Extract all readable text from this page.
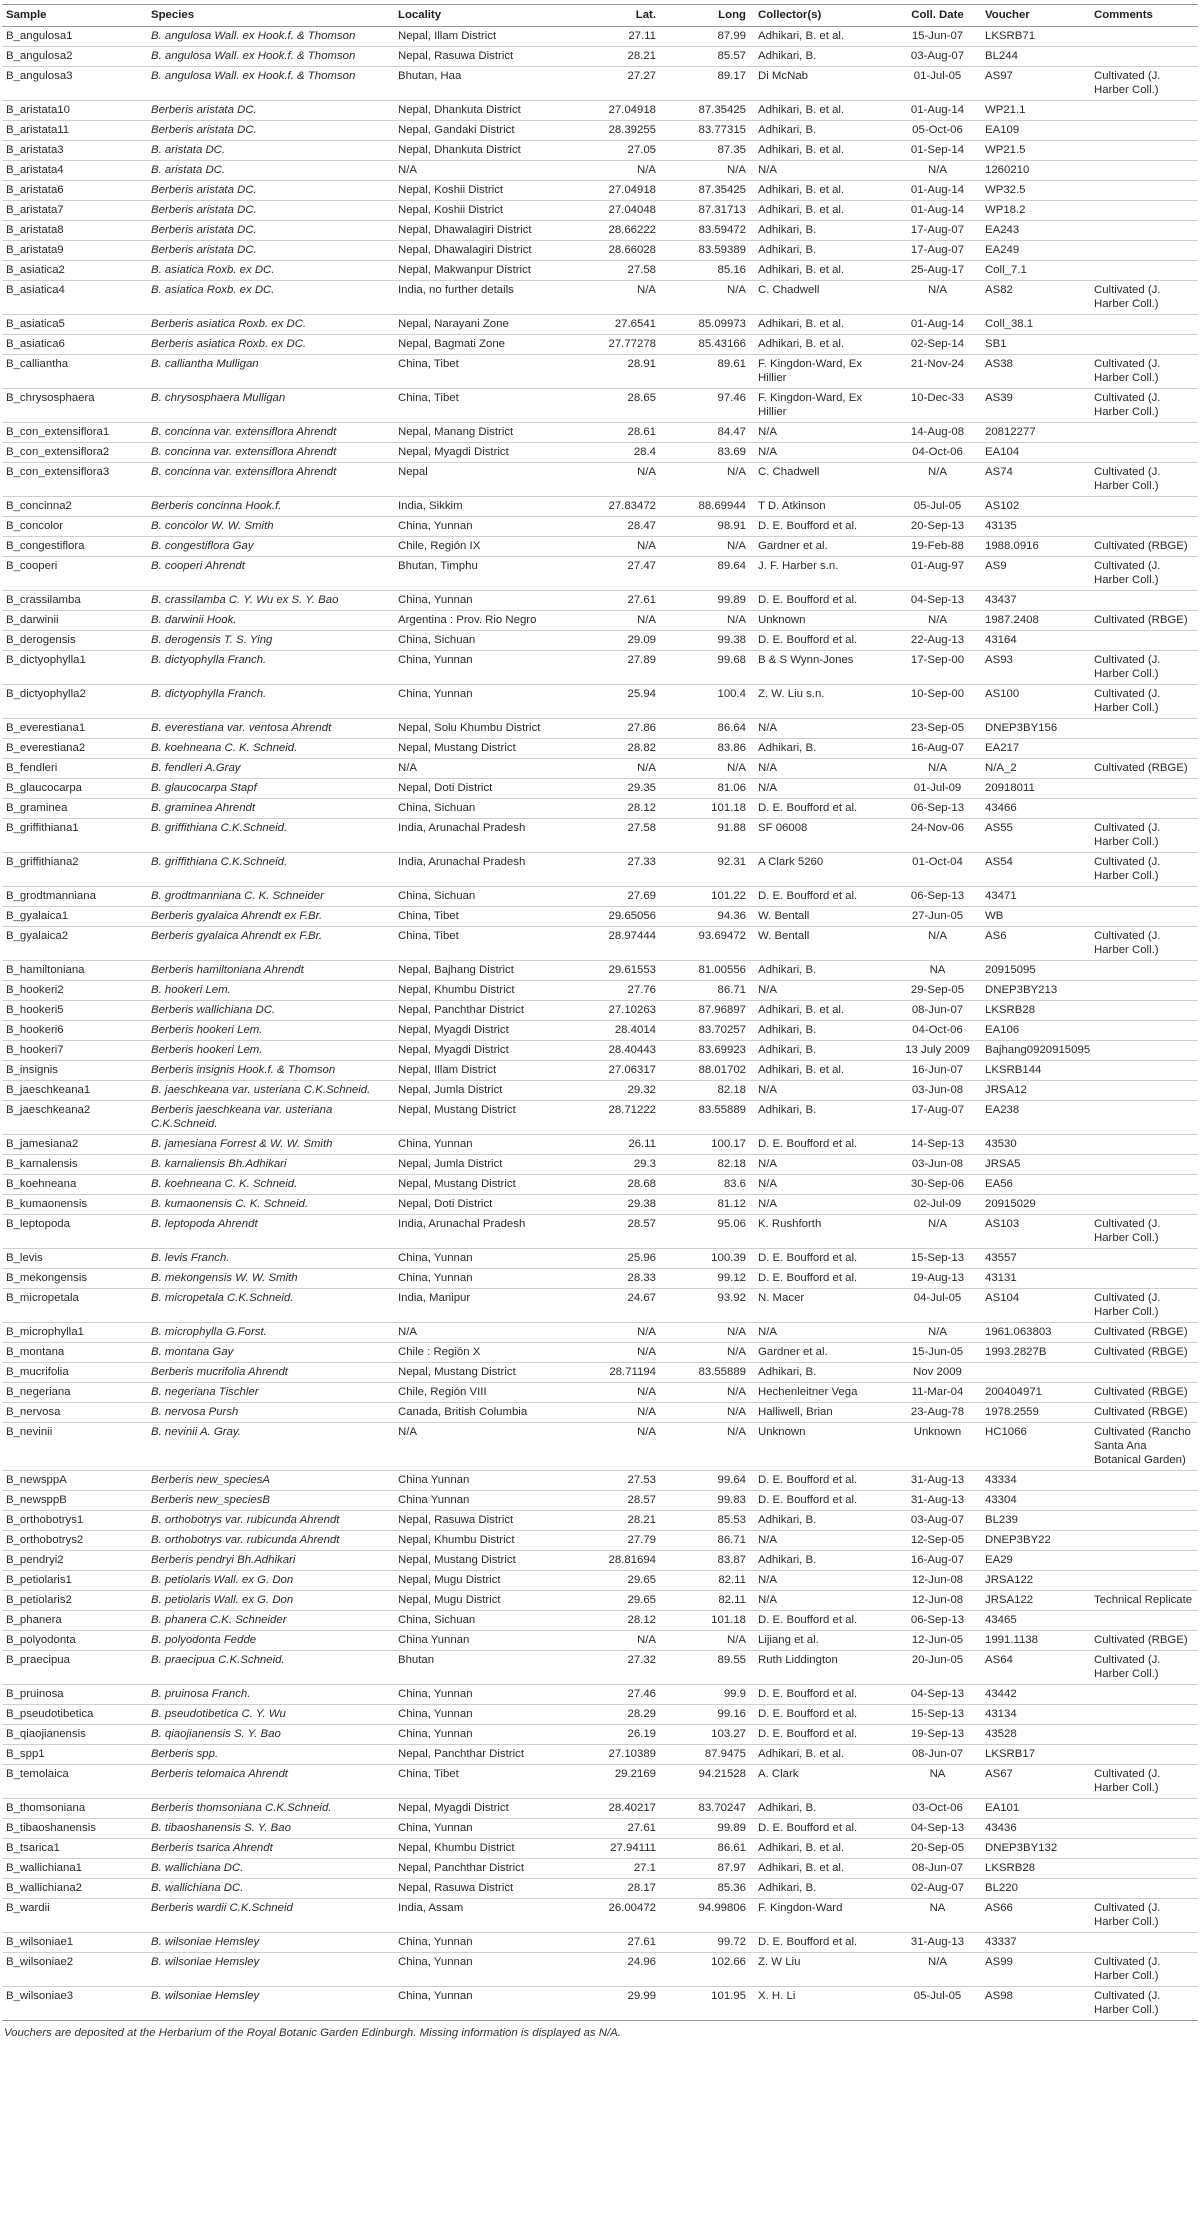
Sample	Species	Locality	Lat.	Long	Collector(s)	Coll. Date	Voucher	Comments
B_angulosa1	B. angulosa Wall. ex Hook.f. & Thomson	Nepal, Illam District	27.11	87.99	Adhikari, B. et al.	15-Jun-07	LKSRB71	
B_angulosa2	B. angulosa Wall. ex Hook.f. & Thomson	Nepal, Rasuwa District	28.21	85.57	Adhikari, B.	03-Aug-07	BL244	
B_angulosa3	B. angulosa Wall. ex Hook.f. & Thomson	Bhutan, Haa	27.27	89.17	Di McNab	01-Jul-05	AS97	Cultivated (J. Harber Coll.)
B_aristata10	Berberis aristata DC.	Nepal, Dhankuta District	27.04918	87.35425	Adhikari, B. et al.	01-Aug-14	WP21.1	
B_aristata11	Berberis aristata DC.	Nepal, Gandaki District	28.39255	83.77315	Adhikari, B.	05-Oct-06	EA109	
B_aristata3	B. aristata DC.	Nepal, Dhankuta District	27.05	87.35	Adhikari, B. et al.	01-Sep-14	WP21.5	
B_aristata4	B. aristata DC.	N/A	N/A	N/A	N/A	N/A	1260210	
B_aristata6	Berberis aristata DC.	Nepal, Koshii District	27.04918	87.35425	Adhikari, B. et al.	01-Aug-14	WP32.5	
B_aristata7	Berberis aristata DC.	Nepal, Koshii District	27.04048	87.31713	Adhikari, B. et al.	01-Aug-14	WP18.2	
B_aristata8	Berberis aristata DC.	Nepal, Dhawalagiri District	28.66222	83.59472	Adhikari, B.	17-Aug-07	EA243	
B_aristata9	Berberis aristata DC.	Nepal, Dhawalagiri District	28.66028	83.59389	Adhikari, B.	17-Aug-07	EA249	
B_asiatica2	B. asiatica Roxb. ex DC.	Nepal, Makwanpur District	27.58	85.16	Adhikari, B. et al.	25-Aug-17	Coll_7.1	
B_asiatica4	B. asiatica Roxb. ex DC.	India, no further details	N/A	N/A	C. Chadwell	N/A	AS82	Cultivated (J. Harber Coll.)
B_asiatica5	Berberis asiatica Roxb. ex DC.	Nepal, Narayani Zone	27.6541	85.09973	Adhikari, B. et al.	01-Aug-14	Coll_38.1	
B_asiatica6	Berberis asiatica Roxb. ex DC.	Nepal, Bagmati Zone	27.77278	85.43166	Adhikari, B. et al.	02-Sep-14	SB1	
B_calliantha	B. calliantha Mulligan	China, Tibet	28.91	89.61	F. Kingdon-Ward, Ex Hillier	21-Nov-24	AS38	Cultivated (J. Harber Coll.)
B_chrysosphaera	B. chrysosphaera Mulligan	China, Tibet	28.65	97.46	F. Kingdon-Ward, Ex Hillier	10-Dec-33	AS39	Cultivated (J. Harber Coll.)
B_con_extensiflora1	B. concinna var. extensiflora Ahrendt	Nepal, Manang District	28.61	84.47	N/A	14-Aug-08	20812277	
B_con_extensiflora2	B. concinna var. extensiflora Ahrendt	Nepal, Myagdi District	28.4	83.69	N/A	04-Oct-06	EA104	
B_con_extensiflora3	B. concinna var. extensiflora Ahrendt	Nepal	N/A	N/A	C. Chadwell	N/A	AS74	Cultivated (J. Harber Coll.)
B_concinna2	Berberis concinna Hook.f.	India, Sikkim	27.83472	88.69944	T D. Atkinson	05-Jul-05	AS102	
B_concolor	B. concolor W. W. Smith	China, Yunnan	28.47	98.91	D. E. Boufford et al.	20-Sep-13	43135	
B_congestiflora	B. congestiflora Gay	Chile, Región IX	N/A	N/A	Gardner et al.	19-Feb-88	1988.0916	Cultivated (RBGE)
B_cooperi	B. cooperi Ahrendt	Bhutan, Timphu	27.47	89.64	J. F. Harber s.n.	01-Aug-97	AS9	Cultivated (J. Harber Coll.)
B_crassilamba	B. crassilamba C. Y. Wu ex S. Y. Bao	China, Yunnan	27.61	99.89	D. E. Boufford et al.	04-Sep-13	43437	
B_darwinii	B. darwinii Hook.	Argentina : Prov. Rio Negro	N/A	N/A	Unknown	N/A	1987.2408	Cultivated (RBGE)
B_derogensis	B. derogensis T. S. Ying	China, Sichuan	29.09	99.38	D. E. Boufford et al.	22-Aug-13	43164	
B_dictyophylla1	B. dictyophylla Franch.	China, Yunnan	27.89	99.68	B & S Wynn-Jones	17-Sep-00	AS93	Cultivated (J. Harber Coll.)
B_dictyophylla2	B. dictyophylla Franch.	China, Yunnan	25.94	100.4	Z. W. Liu s.n.	10-Sep-00	AS100	Cultivated (J. Harber Coll.)
B_everestiana1	B. everestiana var. ventosa Ahrendt	Nepal, Solu Khumbu District	27.86	86.64	N/A	23-Sep-05	DNEP3BY156	
B_everestiana2	B. koehneana C. K. Schneid.	Nepal, Mustang District	28.82	83.86	Adhikari, B.	16-Aug-07	EA217	
B_fendleri	B. fendleri A.Gray	N/A	N/A	N/A	N/A	N/A	N/A_2	Cultivated (RBGE)
B_glaucocarpa	B. glaucocarpa Stapf	Nepal, Doti District	29.35	81.06	N/A	01-Jul-09	20918011	
B_graminea	B. graminea Ahrendt	China, Sichuan	28.12	101.18	D. E. Boufford et al.	06-Sep-13	43466	
B_griffithiana1	B. griffithiana C.K.Schneid.	India, Arunachal Pradesh	27.58	91.88	SF 06008	24-Nov-06	AS55	Cultivated (J. Harber Coll.)
B_griffithiana2	B. griffithiana C.K.Schneid.	India, Arunachal Pradesh	27.33	92.31	A Clark 5260	01-Oct-04	AS54	Cultivated (J. Harber Coll.)
B_grodtmanniana	B. grodtmanniana C. K. Schneider	China, Sichuan	27.69	101.22	D. E. Boufford et al.	06-Sep-13	43471	
B_gyalaica1	Berberis gyalaica Ahrendt ex F.Br.	China, Tibet	29.65056	94.36	W. Bentall	27-Jun-05	WB	
B_gyalaica2	Berberis gyalaica Ahrendt ex F.Br.	China, Tibet	28.97444	93.69472	W. Bentall	N/A	AS6	Cultivated (J. Harber Coll.)
B_hamiltoniana	Berberis hamiltoniana Ahrendt	Nepal, Bajhang District	29.61553	81.00556	Adhikari, B.	NA	20915095	
B_hookeri2	B. hookeri Lem.	Nepal, Khumbu District	27.76	86.71	N/A	29-Sep-05	DNEP3BY213	
B_hookeri5	Berberis wallichiana DC.	Nepal, Panchthar District	27.10263	87.96897	Adhikari, B. et al.	08-Jun-07	LKSRB28	
B_hookeri6	Berberis hookeri Lem.	Nepal, Myagdi District	28.4014	83.70257	Adhikari, B.	04-Oct-06	EA106	
B_hookeri7	Berberis hookeri Lem.	Nepal, Myagdi District	28.40443	83.69923	Adhikari, B.	13 July 2009	Bajhang0920915095	
B_insignis	Berberis insignis Hook.f. & Thomson	Nepal, Illam District	27.06317	88.01702	Adhikari, B. et al.	16-Jun-07	LKSRB144	
B_jaeschkeana1	B. jaeschkeana var. usteriana C.K.Schneid.	Nepal, Jumla District	29.32	82.18	N/A	03-Jun-08	JRSA12	
B_jaeschkeana2	Berberis jaeschkeana var. usteriana C.K.Schneid.	Nepal, Mustang District	28.71222	83.55889	Adhikari, B.	17-Aug-07	EA238	
B_jamesiana2	B. jamesiana Forrest & W. W. Smith	China, Yunnan	26.11	100.17	D. E. Boufford et al.	14-Sep-13	43530	
B_karnalensis	B. karnaliensis Bh.Adhikari	Nepal, Jumla District	29.3	82.18	N/A	03-Jun-08	JRSA5	
B_koehneana	B. koehneana C. K. Schneid.	Nepal, Mustang District	28.68	83.6	N/A	30-Sep-06	EA56	
B_kumaonensis	B. kumaonensis C. K. Schneid.	Nepal, Doti District	29.38	81.12	N/A	02-Jul-09	20915029	
B_leptopoda	B. leptopoda Ahrendt	India, Arunachal Pradesh	28.57	95.06	K. Rushforth	N/A	AS103	Cultivated (J. Harber Coll.)
B_levis	B. levis Franch.	China, Yunnan	25.96	100.39	D. E. Boufford et al.	15-Sep-13	43557	
B_mekongensis	B. mekongensis W. W. Smith	China, Yunnan	28.33	99.12	D. E. Boufford et al.	19-Aug-13	43131	
B_micropetala	B. micropetala C.K.Schneid.	India, Manipur	24.67	93.92	N. Macer	04-Jul-05	AS104	Cultivated (J. Harber Coll.)
B_microphylla1	B. microphylla G.Forst.	N/A	N/A	N/A	N/A	N/A	1961.063803	Cultivated (RBGE)
B_montana	B. montana Gay	Chile : Región X	N/A	N/A	Gardner et al.	15-Jun-05	1993.2827B	Cultivated (RBGE)
B_mucrifolia	Berberis mucrifolia Ahrendt	Nepal, Mustang District	28.71194	83.55889	Adhikari, B.	Nov 2009		
B_negeriana	B. negeriana Tischler	Chile, Región VIII	N/A	N/A	Hechenleitner Vega	11-Mar-04	200404971	Cultivated (RBGE)
B_nervosa	B. nervosa Pursh	Canada, British Columbia	N/A	N/A	Halliwell, Brian	23-Aug-78	1978.2559	Cultivated (RBGE)
B_nevinii	B. nevinii A. Gray.	N/A	N/A	N/A	Unknown	Unknown	HC1066	Cultivated (Rancho Santa Ana Botanical Garden)
B_newsppA	Berberis new_speciesA	China Yunnan	27.53	99.64	D. E. Boufford et al.	31-Aug-13	43334	
B_newsppB	Berberis new_speciesB	China Yunnan	28.57	99.83	D. E. Boufford et al.	31-Aug-13	43304	
B_orthobotrys1	B. orthobotrys var. rubicunda Ahrendt	Nepal, Rasuwa District	28.21	85.53	Adhikari, B.	03-Aug-07	BL239	
B_orthobotrys2	B. orthobotrys var. rubicunda Ahrendt	Nepal, Khumbu District	27.79	86.71	N/A	12-Sep-05	DNEP3BY22	
B_pendryi2	Berberis pendryi Bh.Adhikari	Nepal, Mustang District	28.81694	83.87	Adhikari, B.	16-Aug-07	EA29	
B_petiolaris1	B. petiolaris Wall. ex G. Don	Nepal, Mugu District	29.65	82.11	N/A	12-Jun-08	JRSA122	
B_petiolaris2	B. petiolaris Wall. ex G. Don	Nepal, Mugu District	29.65	82.11	N/A	12-Jun-08	JRSA122	Technical Replicate
B_phanera	B. phanera C.K. Schneider	China, Sichuan	28.12	101.18	D. E. Boufford et al.	06-Sep-13	43465	
B_polyodonta	B. polyodonta Fedde	China Yunnan	N/A	N/A	Lijiang et al.	12-Jun-05	1991.1138	Cultivated (RBGE)
B_praecipua	B. praecipua C.K.Schneid.	Bhutan	27.32	89.55	Ruth Liddington	20-Jun-05	AS64	Cultivated (J. Harber Coll.)
B_pruinosa	B. pruinosa Franch.	China, Yunnan	27.46	99.9	D. E. Boufford et al.	04-Sep-13	43442	
B_pseudotibetica	B. pseudotibetica C. Y. Wu	China, Yunnan	28.29	99.16	D. E. Boufford et al.	15-Sep-13	43134	
B_qiaojianensis	B. qiaojianensis S. Y. Bao	China, Yunnan	26.19	103.27	D. E. Boufford et al.	19-Sep-13	43528	
B_spp1	Berberis spp.	Nepal, Panchthar District	27.10389	87.9475	Adhikari, B. et al.	08-Jun-07	LKSRB17	
B_temolaica	Berberis telomaica Ahrendt	China, Tibet	29.2169	94.21528	A. Clark	NA	AS67	Cultivated (J. Harber Coll.)
B_thomsoniana	Berberis thomsoniana C.K.Schneid.	Nepal, Myagdi District	28.40217	83.70247	Adhikari, B.	03-Oct-06	EA101	
B_tibaoshanensis	B. tibaoshanensis S. Y. Bao	China, Yunnan	27.61	99.89	D. E. Boufford et al.	04-Sep-13	43436	
B_tsarica1	Berberis tsarica Ahrendt	Nepal, Khumbu District	27.94111	86.61	Adhikari, B. et al.	20-Sep-05	DNEP3BY132	
B_wallichiana1	B. wallichiana DC.	Nepal, Panchthar District	27.1	87.97	Adhikari, B. et al.	08-Jun-07	LKSRB28	
B_wallichiana2	B. wallichiana DC.	Nepal, Rasuwa District	28.17	85.36	Adhikari, B.	02-Aug-07	BL220	
B_wardii	Berberis wardii C.K.Schneid	India, Assam	26.00472	94.99806	F. Kingdon-Ward	NA	AS66	Cultivated (J. Harber Coll.)
B_wilsoniae1	B. wilsoniae Hemsley	China, Yunnan	27.61	99.72	D. E. Boufford et al.	31-Aug-13	43337	
B_wilsoniae2	B. wilsoniae Hemsley	China, Yunnan	24.96	102.66	Z. W Liu	N/A	AS99	Cultivated (J. Harber Coll.)
B_wilsoniae3	B. wilsoniae Hemsley	China, Yunnan	29.99	101.95	X. H. Li	05-Jul-05	AS98	Cultivated (J. Harber Coll.)
Vouchers are deposited at the Herbarium of the Royal Botanic Garden Edinburgh. Missing information is displayed as N/A.
